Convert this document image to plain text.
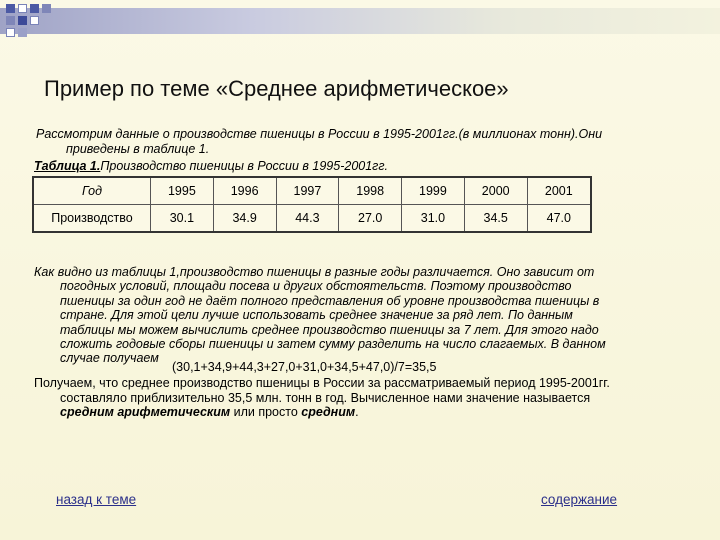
Пример по теме «Среднее арифметическое»
Рассмотрим данные о производстве пшеницы в России в 1995-2001гг.(в миллионах тонн).Они
приведены в таблице 1.
Таблица 1.Производство пшеницы в России в 1995-2001гг.
Год	1995	1996	1997	1998	1999	2000	2001
Производство	30.1	34.9	44.3	27.0	31.0	34.5	47.0
Как видно из таблицы 1,производство пшеницы в разные годы различается. Оно зависит от
погодных условий, площади посева и других обстоятельств. Поэтому производство
пшеницы за один год не даёт полного представления об уровне производства пшеницы в
стране. Для этой цели лучше использовать среднее значение за ряд лет. По данным
таблицы мы можем вычислить среднее производство пшеницы за 7 лет. Для этого надо
сложить годовые сборы пшеницы и затем сумму разделить на число слагаемых. В данном
случае получаем
(30,1+34,9+44,3+27,0+31,0+34,5+47,0)/7=35,5
Получаем, что среднее производство пшеницы в России за рассматриваемый период 1995-2001гг.
составляло приблизительно 35,5 млн. тонн в год. Вычисленное нами значение называется
средним арифметическим или просто средним.
назад к теме	содержание
